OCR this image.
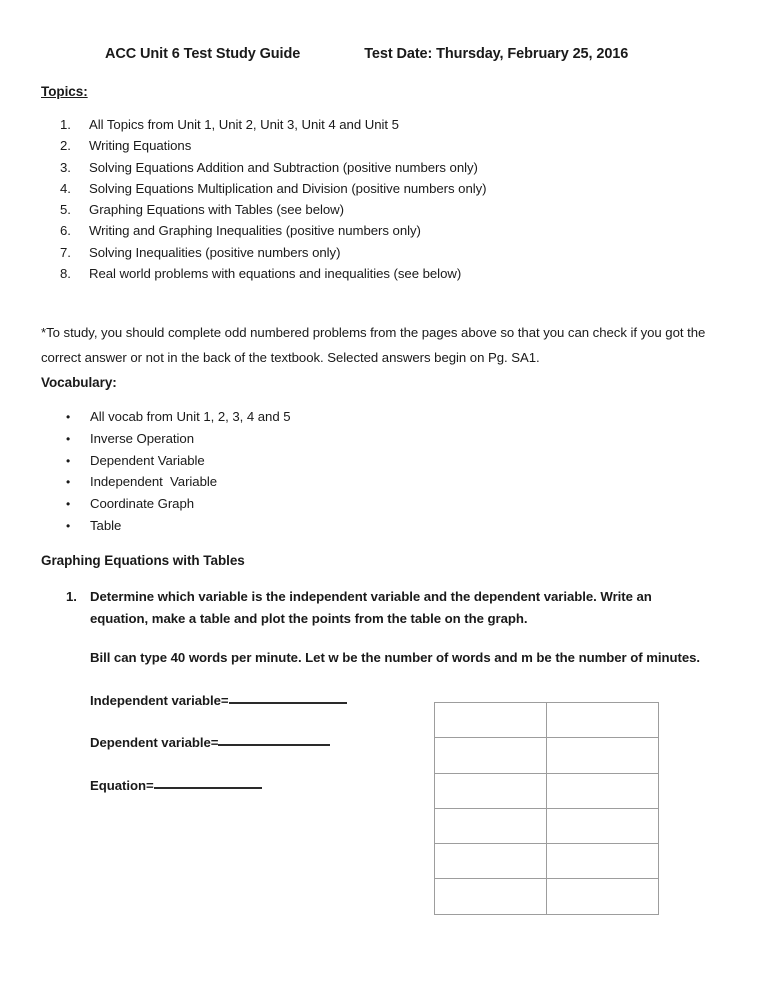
ACC Unit 6 Test Study Guide	Test Date: Thursday, February 25, 2016
Topics:
1.	All Topics from Unit 1, Unit 2, Unit 3, Unit 4 and Unit 5
2.	Writing Equations
3.	Solving Equations Addition and Subtraction (positive numbers only)
4.	Solving Equations Multiplication and Division (positive numbers only)
5.	Graphing Equations with Tables (see below)
6.	Writing and Graphing Inequalities (positive numbers only)
7.	Solving Inequalities (positive numbers only)
8.	Real world problems with equations and inequalities (see below)
*To study, you should complete odd numbered problems from the pages above so that you can check if you got the correct answer or not in the back of the textbook. Selected answers begin on Pg. SA1.
Vocabulary:
•	All vocab from Unit 1, 2, 3, 4 and 5
•	Inverse Operation
•	Dependent Variable
•	Independent  Variable
•	Coordinate Graph
•	Table
Graphing Equations with Tables
1. Determine which variable is the independent variable and the dependent variable. Write an equation, make a table and plot the points from the table on the graph.
Bill can type 40 words per minute. Let w be the number of words and m be the number of minutes.
Independent variable=
Dependent variable=
Equation=
